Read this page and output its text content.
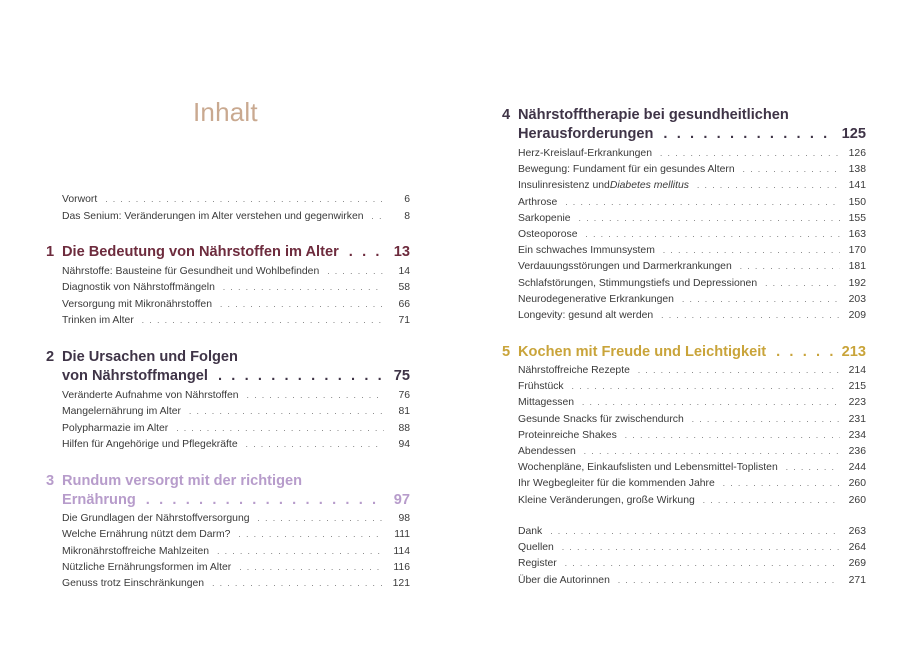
Inhalt
Vorwort . . .	6
Das Senium: Veränderungen im Alter verstehen und gegenwirken . . .	8
1 Die Bedeutung von Nährstoffen im Alter . . .	13
Nährstoffe: Bausteine für Gesundheit und Wohlbefinden . . .	14
Diagnostik von Nährstoffmängeln . . .	58
Versorgung mit Mikronährstoffen . . .	66
Trinken im Alter . . .	71
2 Die Ursachen und Folgen
von Nährstoffmangel . . .	75
Veränderte Aufnahme von Nährstoffen . . .	76
Mangelernährung im Alter . . .	81
Polypharmazie im Alter . . .	88
Hilfen für Angehörige und Pflegekräfte . . .	94
3 Rundum versorgt mit der richtigen
Ernährung . . .	97
Die Grundlagen der Nährstoffversorgung . . .	98
Welche Ernährung nützt dem Darm? . . .	111
Mikronährstoffreiche Mahlzeiten . . .	114
Nützliche Ernährungsformen im Alter . . .	116
Genuss trotz Einschränkungen . . .	121
4 Nährstofftherapie bei gesundheitlichen
Herausforderungen . . .	125
Herz-Kreislauf-Erkrankungen . . .	126
Bewegung: Fundament für ein gesundes Altern . . .	138
Insulinresistenz und Diabetes mellitus . . .	141
Arthrose . . .	150
Sarkopenie . . .	155
Osteoporose . . .	163
Ein schwaches Immunsystem . . .	170
Verdauungsstörungen und Darmerkrankungen . . .	181
Schlafstörungen, Stimmungstiefs und Depressionen . . .	192
Neurodegenerative Erkrankungen . . .	203
Longevity: gesund alt werden . . .	209
5 Kochen mit Freude und Leichtigkeit . . .	213
Nährstoffreiche Rezepte . . .	214
Frühstück . . .	215
Mittagessen . . .	223
Gesunde Snacks für zwischendurch . . .	231
Proteinreiche Shakes . . .	234
Abendessen . . .	236
Wochenpläne, Einkaufslisten und Lebensmittel-Toplisten . . .	244
Ihr Wegbegleiter für die kommenden Jahre . . .	260
Kleine Veränderungen, große Wirkung . . .	260
Dank . . .	263
Quellen . . .	264
Register . . .	269
Über die Autorinnen . . .	271
